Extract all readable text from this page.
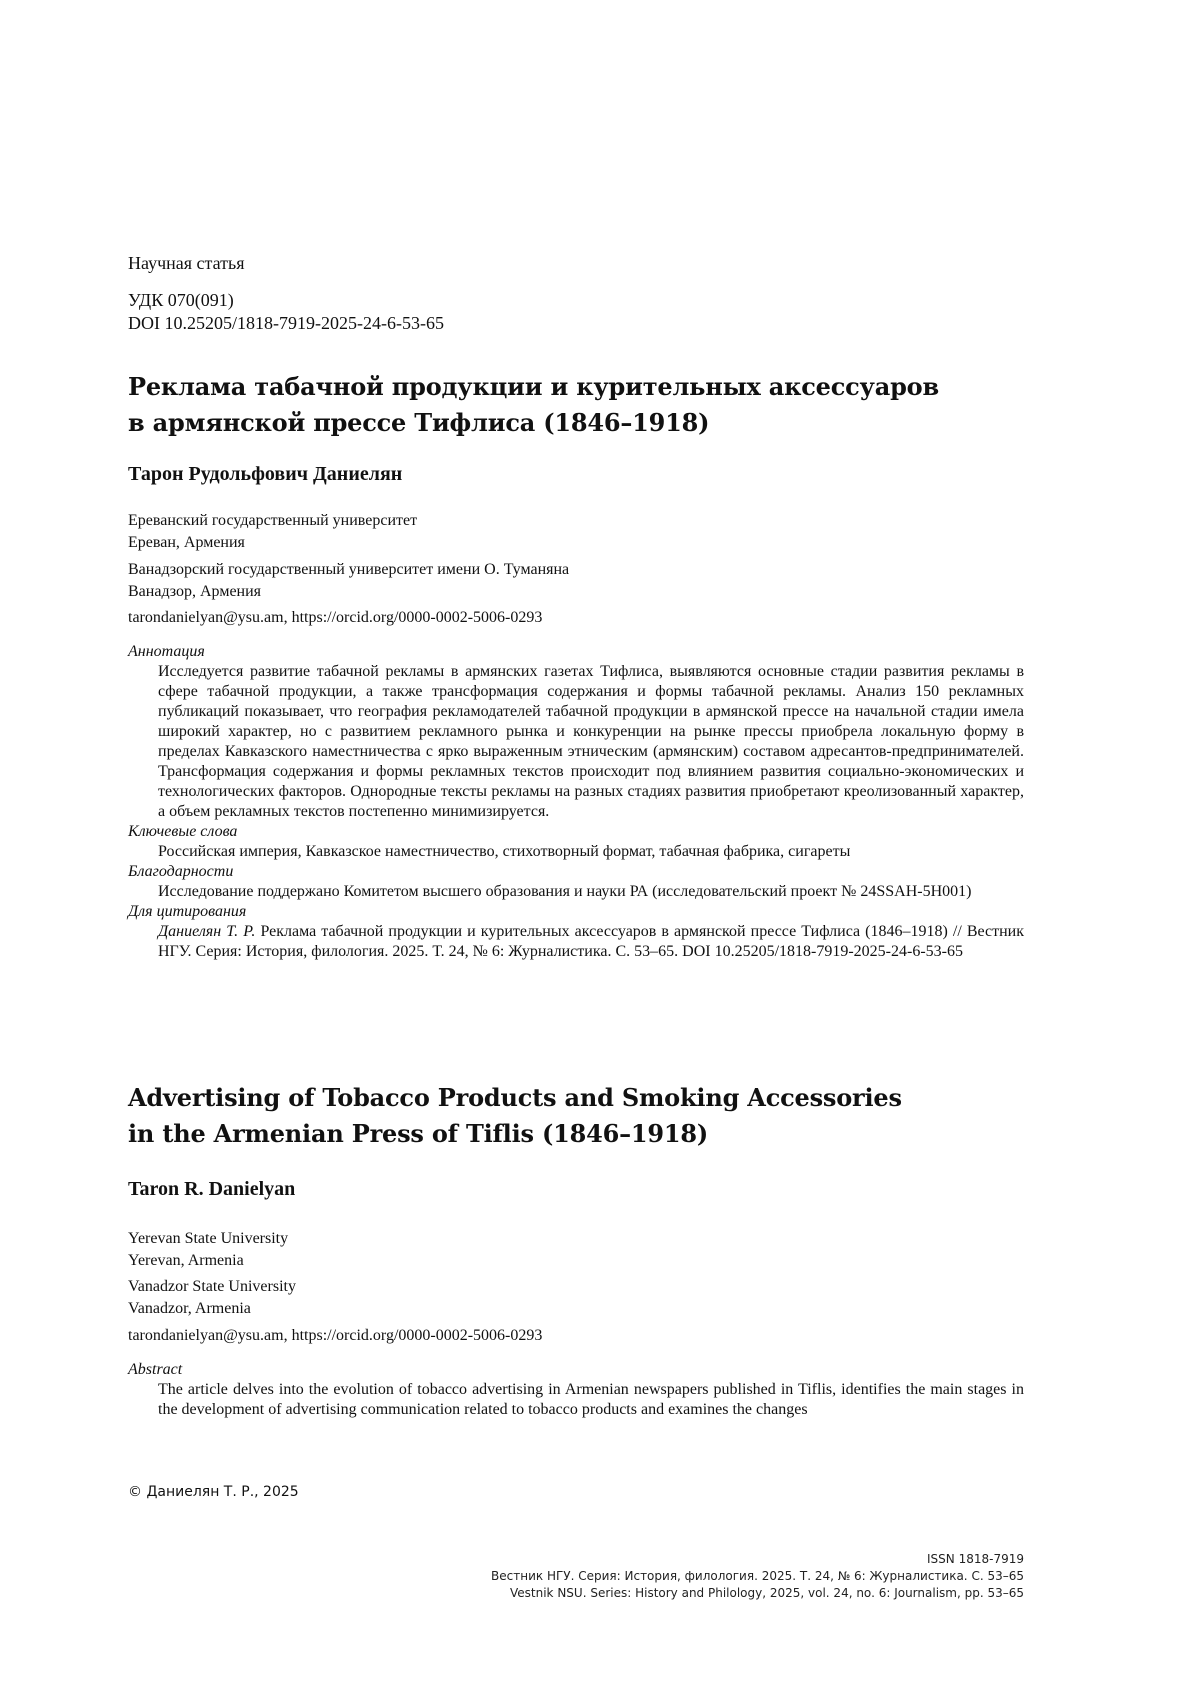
Научная статья

УДК 070(091)

DOI 10.25205/1818-7919-2025-24-6-53-65

Реклама табачной продукции и курительных аксессуаров

в армянской прессе Тифлиса (1846–1918)

Тарон Рудольфович Даниелян

Ереванский государственный университет

Ереван, Армения

Ванадзорский государственный университет имени О. Туманяна

Ванадзор, Армения

tarondanielyan@ysu.am, https://orcid.org/0000-0002-5006-0293

Аннотация

Исследуется развитие табачной рекламы в армянских газетах Тифлиса, выявляются основные стадии развития рекламы в сфере табачной продукции, а также трансформация содержания и формы табачной рекламы. Анализ 150 рекламных публикаций показывает, что география рекламодателей табачной продукции в армянской прессе на начальной стадии имела широкий характер, но с развитием рекламного рынка и конкуренции на рынке прессы приобрела локальную форму в пределах Кавказского наместничества с ярко выраженным этническим (армянским) составом адресантов-предпринимателей. Трансформация содержания и формы рекламных текстов происходит под влиянием развития социально-экономических и технологических факторов. Однородные тексты рекламы на разных стадиях развития приобретают креолизованный характер, а объем рекламных текстов постепенно минимизируется.

Ключевые слова

Российская империя, Кавказское наместничество, стихотворный формат, табачная фабрика, сигареты

Благодарности

Исследование поддержано Комитетом высшего образования и науки РА (исследовательский проект № 24SSAH-5H001)

Для цитирования

Даниелян Т. Р. Реклама табачной продукции и курительных аксессуаров в армянской прессе Тифлиса (1846–1918) // Вестник НГУ. Серия: История, филология. 2025. Т. 24, № 6: Журналистика. С. 53–65. DOI 10.25205/1818-7919-2025-24-6-53-65

Advertising of Tobacco Products and Smoking Accessories

in the Armenian Press of Tiflis (1846–1918)

Taron R. Danielyan

Yerevan State University

Yerevan, Armenia

Vanadzor State University

Vanadzor, Armenia

tarondanielyan@ysu.am, https://orcid.org/0000-0002-5006-0293

Abstract

The article delves into the evolution of tobacco advertising in Armenian newspapers published in Tiflis, identifies the main stages in the development of advertising communication related to tobacco products and examines the changes

© Даниелян Т. Р., 2025
ISSN 1818-7919
Вестник НГУ. Серия: История, филология. 2025. Т. 24, № 6: Журналистика. С. 53–65
Vestnik NSU. Series: History and Philology, 2025, vol. 24, no. 6: Journalism, pp. 53–65
